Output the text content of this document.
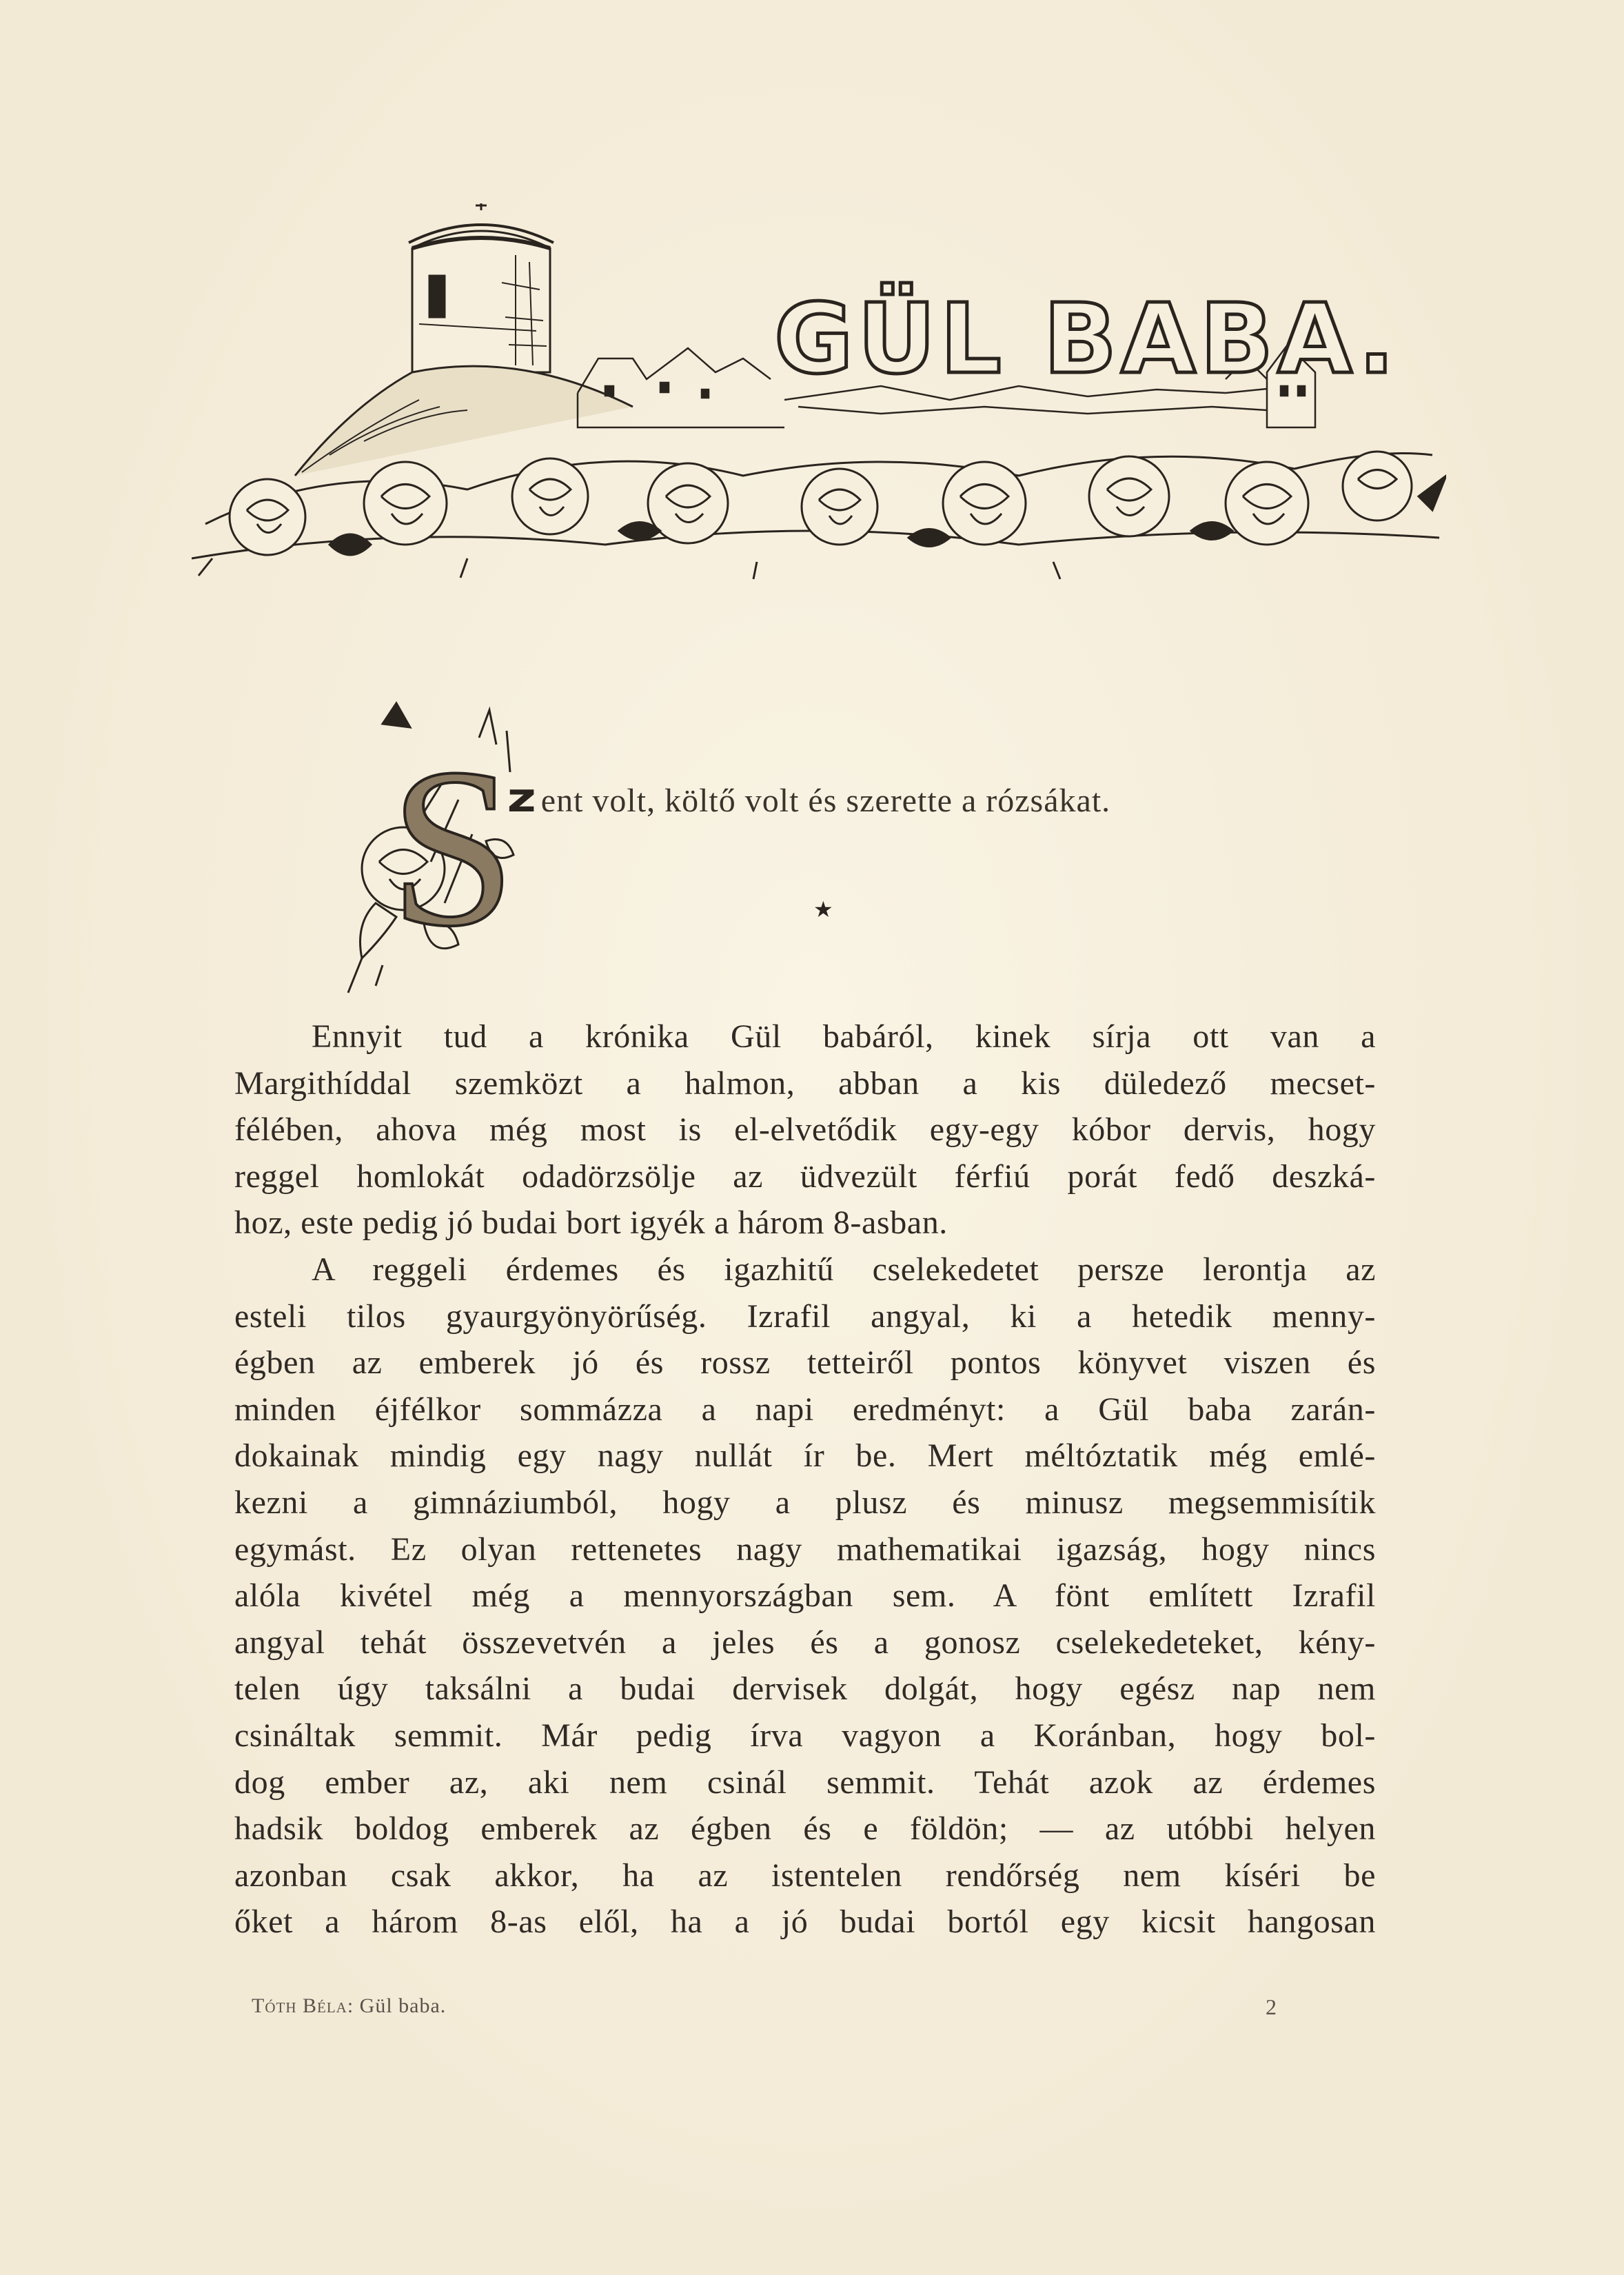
GÜL BABA.
S
z ent volt, költő volt és szerette a rózsákat.
★
Ennyit tud a krónika Gül babáról, kinek sírja ott van a
Margithíddal szemközt a halmon, abban a kis düledező mecset-
félében, ahova még most is el-elvetődik egy-egy kóbor dervis, hogy
reggel homlokát odadörzsölje az üdvezült férfiú porát fedő deszká-
hoz, este pedig jó budai bort igyék a három 8-asban.
A reggeli érdemes és igazhitű cselekedetet persze lerontja az
esteli tilos gyaurgyönyörűség. Izrafil angyal, ki a hetedik menny-
égben az emberek jó és rossz tetteiről pontos könyvet viszen és
minden éjfélkor sommázza a napi eredményt: a Gül baba zarán-
dokainak mindig egy nagy nullát ír be. Mert méltóztatik még emlé-
kezni a gimnáziumból, hogy a plusz és minusz megsemmisítik
egymást. Ez olyan rettenetes nagy mathematikai igazság, hogy nincs
alóla kivétel még a mennyországban sem. A fönt említett Izrafil
angyal tehát összevetvén a jeles és a gonosz cselekedeteket, kény-
telen úgy taksálni a budai dervisek dolgát, hogy egész nap nem
csináltak semmit. Már pedig írva vagyon a Koránban, hogy bol-
dog ember az, aki nem csinál semmit. Tehát azok az érdemes
hadsik boldog emberek az égben és e földön; — az utóbbi helyen
azonban csak akkor, ha az istentelen rendőrség nem kíséri be
őket a három 8-as elől, ha a jó budai bortól egy kicsit hangosan
Tóth Béla: Gül baba.	2
